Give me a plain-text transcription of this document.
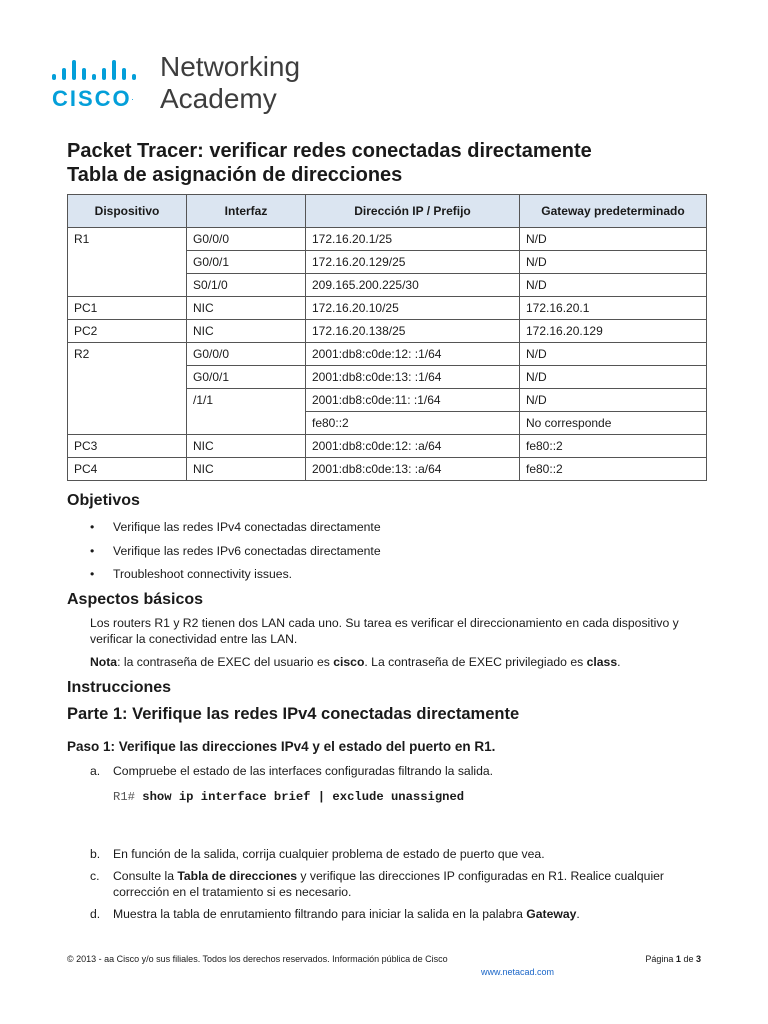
CISCO.
Networking
Academy
Packet Tracer: verificar redes conectadas directamente
Tabla de asignación de direcciones
Dispositivo	Interfaz	Dirección IP / Prefijo	Gateway predeterminado
R1	G0/0/0	172.16.20.1/25	N/D
	G0/0/1	172.16.20.129/25	N/D
	S0/1/0	209.165.200.225/30	N/D
PC1	NIC	172.16.20.10/25	172.16.20.1
PC2	NIC	172.16.20.138/25	172.16.20.129
R2	G0/0/0	2001:db8:c0de:12: :1/64	N/D
	G0/0/1	2001:db8:c0de:13: :1/64	N/D
	/1/1	2001:db8:c0de:11: :1/64	N/D
		fe80::2	No corresponde
PC3	NIC	2001:db8:c0de:12: :a/64	fe80::2
PC4	NIC	2001:db8:c0de:13: :a/64	fe80::2
Objetivos
• Verifique las redes IPv4 conectadas directamente
• Verifique las redes IPv6 conectadas directamente
• Troubleshoot connectivity issues.
Aspectos básicos
Los routers R1 y R2 tienen dos LAN cada uno. Su tarea es verificar el direccionamiento en cada dispositivo y verificar la conectividad entre las LAN.
Nota: la contraseña de EXEC del usuario es cisco. La contraseña de EXEC privilegiado es class.
Instrucciones
Parte 1: Verifique las redes IPv4 conectadas directamente
Paso 1: Verifique las direcciones IPv4 y el estado del puerto en R1.
a. Compruebe el estado de las interfaces configuradas filtrando la salida.
R1# show ip interface brief | exclude unassigned
b. En función de la salida, corrija cualquier problema de estado de puerto que vea.
c. Consulte la Tabla de direcciones y verifique las direcciones IP configuradas en R1. Realice cualquier corrección en el tratamiento si es necesario.
d. Muestra la tabla de enrutamiento filtrando para iniciar la salida en la palabra Gateway.
© 2013 - aa Cisco y/o sus filiales. Todos los derechos reservados. Información pública de Cisco	Página 1 de 3
www.netacad.com
